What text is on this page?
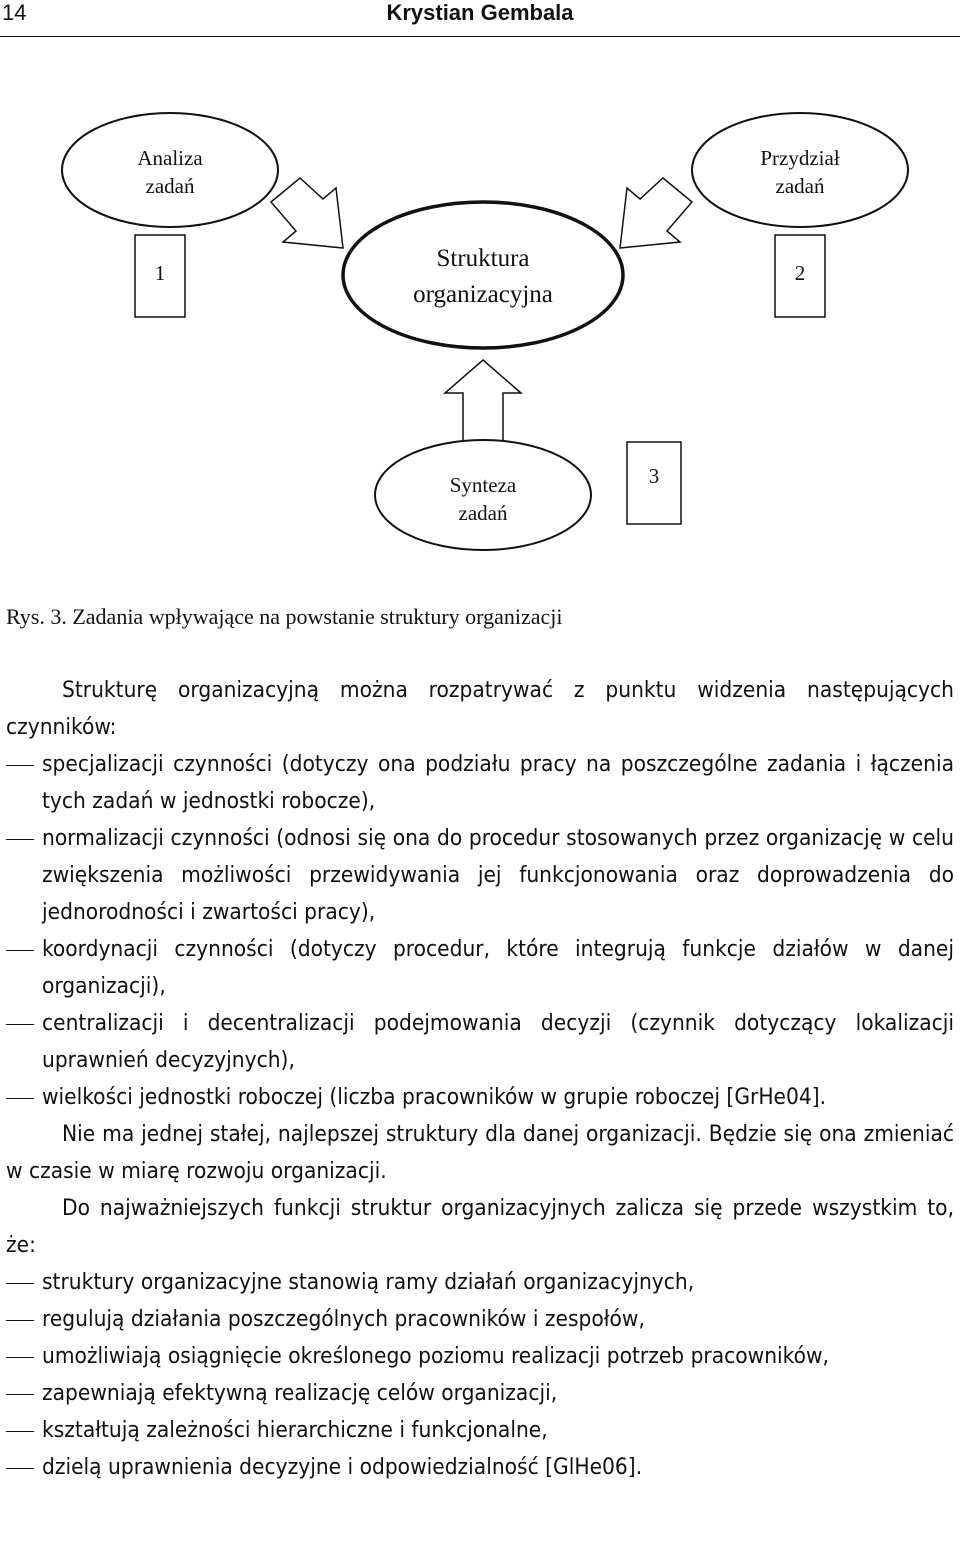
14	Krystian Gembala
Analiza
zadań
Przydział
zadań
1	2
Struktura
organizacyjna
Synteza
zadań
3
Rys. 3. Zadania wpływające na powstanie struktury organizacji

Strukturę organizacyjną można rozpatrywać z punktu widzenia następujących czynników:

specjalizacji czynności (dotyczy ona podziału pracy na poszczególne zadania i łączenia tych zadań w jednostki robocze),

normalizacji czynności (odnosi się ona do procedur stosowanych przez organizację w celu zwiększenia możliwości przewidywania jej funkcjonowania oraz doprowadzenia do jednorodności i zwartości pracy),

koordynacji czynności (dotyczy procedur, które integrują funkcje działów w danej organizacji),

centralizacji i decentralizacji podejmowania decyzji (czynnik dotyczący lokalizacji uprawnień decyzyjnych),

wielkości jednostki roboczej (liczba pracowników w grupie roboczej [GrHe04].

Nie ma jednej stałej, najlepszej struktury dla danej organizacji. Będzie się ona zmieniać w czasie w miarę rozwoju organizacji.

Do najważniejszych funkcji struktur organizacyjnych zalicza się przede wszystkim to, że:

struktury organizacyjne stanowią ramy działań organizacyjnych,

regulują działania poszczególnych pracowników i zespołów,

umożliwiają osiągnięcie określonego poziomu realizacji potrzeb pracowników,

zapewniają efektywną realizację celów organizacji,

kształtują zależności hierarchiczne i funkcjonalne,

dzielą uprawnienia decyzyjne i odpowiedzialność [GlHe06].
